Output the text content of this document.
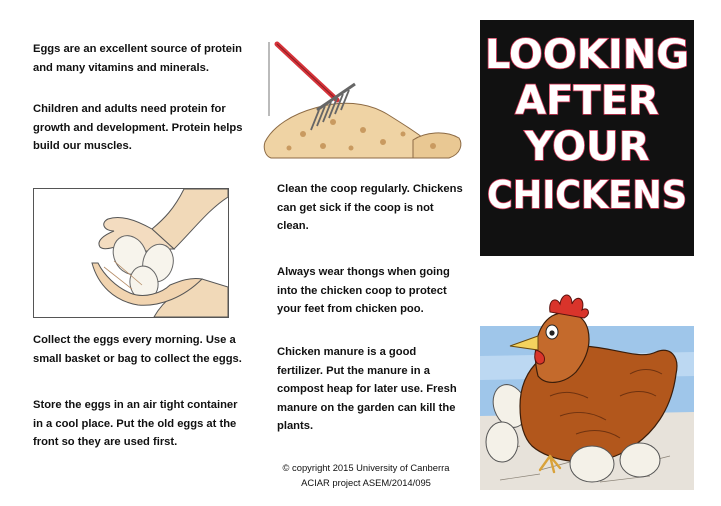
Eggs are an excellent source of protein
and many vitamins and minerals.

Children and adults need protein for
growth and development. Protein helps
build our muscles.

Collect the eggs every morning. Use a
small basket or bag to collect the eggs.

Store the eggs in an air tight container
in a cool place. Put the old eggs at the
front so they are used first.

Clean the coop regularly. Chickens
can get sick if the coop is not
clean.

Always wear thongs when going
into the chicken coop to protect
your feet from chicken poo.

Chicken manure is a good
fertilizer. Put the manure in a
compost heap for later use. Fresh
manure on the garden can kill the
plants.

© copyright 2015 University of Canberra
ACIAR project ASEM/2014/095
LOOKING
AFTER
YOUR
CHICKENS
